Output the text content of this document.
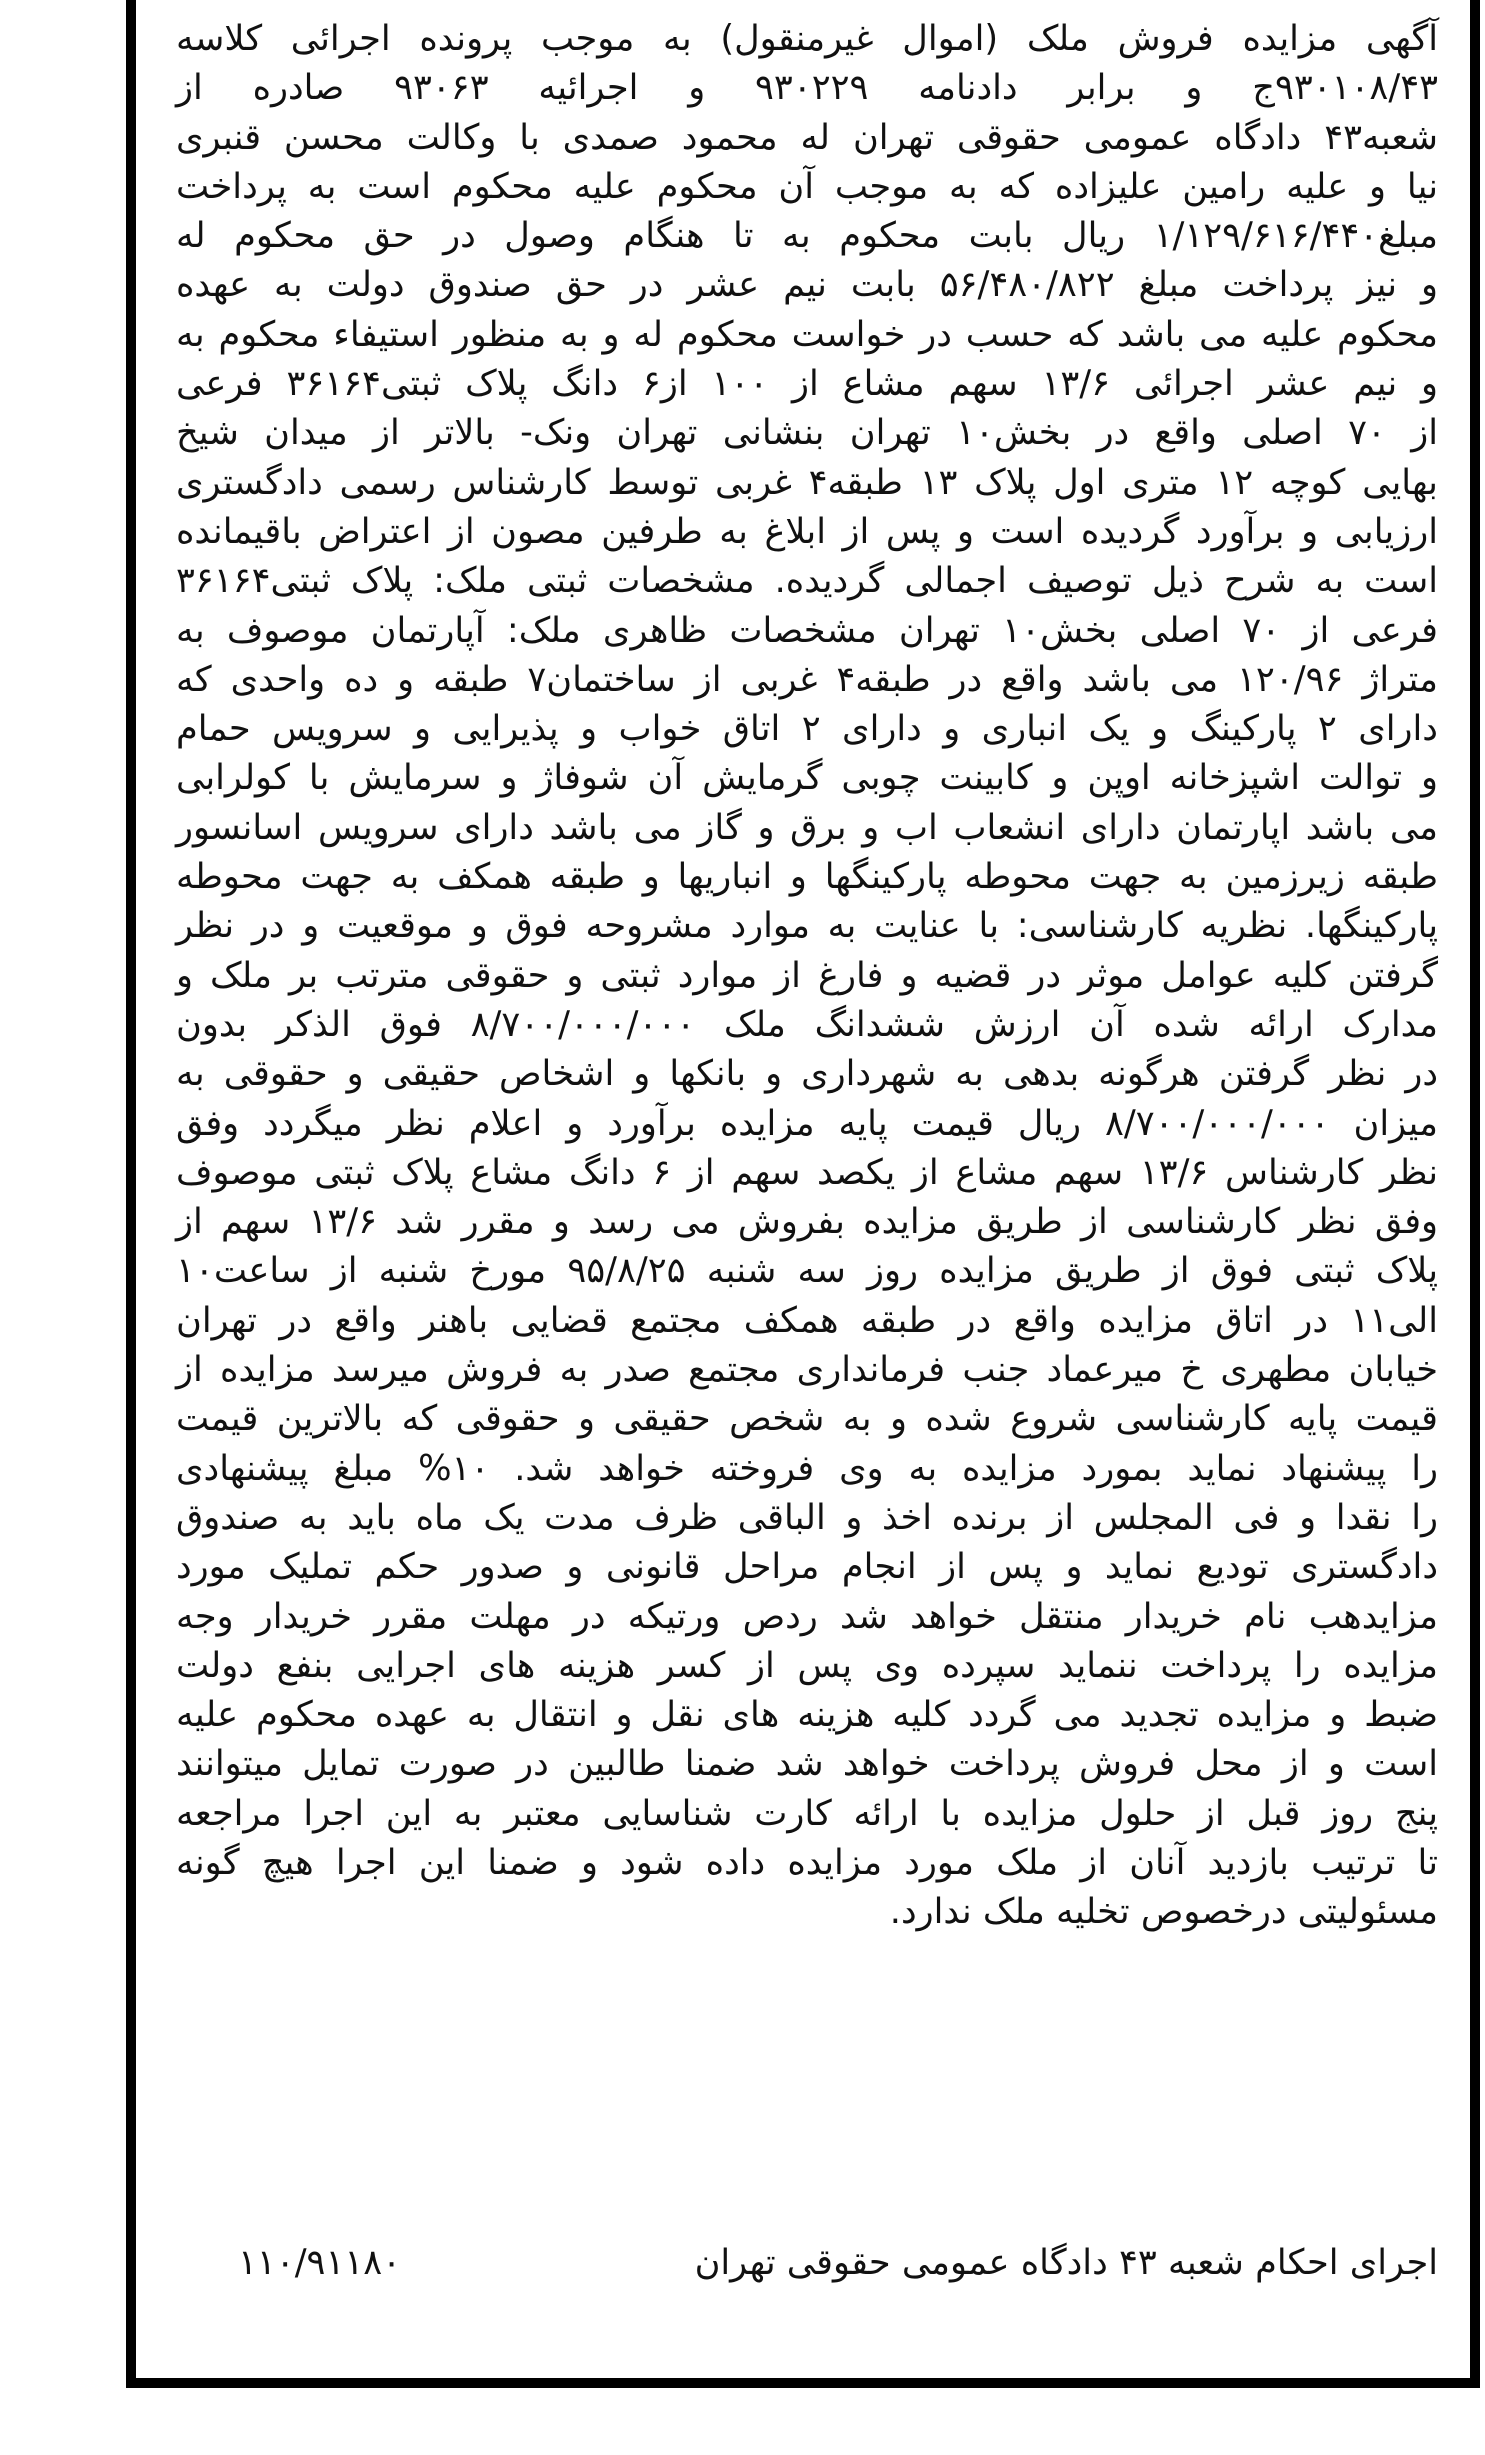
آگهی مزایده فروش ملک (اموال غیرمنقول) به موجب پرونده اجرائی کلاسه
۹۳۰۱۰۸/۴۳ج و برابر دادنامه ۹۳۰۲۲۹ و اجرائیه ۹۳۰۶۳ صادره از
شعبه۴۳ دادگاه عمومی حقوقی تهران له محمود صمدی با وکالت محسن قنبری
نیا و علیه رامین علیزاده که به موجب آن محکوم علیه محکوم است به پرداخت
مبلغ۱/۱۲۹/۶۱۶/۴۴۰ ریال بابت محکوم به تا هنگام وصول در حق محکوم له
و نیز پرداخت مبلغ ۵۶/۴۸۰/۸۲۲ بابت نیم عشر در حق صندوق دولت به عهده
محکوم علیه می باشد که حسب در خواست محکوم له و به منظور استیفاء محکوم به
و نیم عشر اجرائی ۱۳/۶ سهم مشاع از ۱۰۰ از۶ دانگ پلاک ثبتی۳۶۱۶۴ فرعی
از ۷۰ اصلی واقع در بخش۱۰ تهران بنشانی تهران ونک- بالاتر از میدان شیخ
بهایی کوچه ۱۲ متری اول پلاک ۱۳ طبقه۴ غربی توسط کارشناس رسمی دادگستری
ارزیابی و برآورد گردیده است و پس از ابلاغ به طرفین مصون از اعتراض باقیمانده
است به شرح ذیل توصیف اجمالی گردیده. مشخصات ثبتی ملک: پلاک ثبتی۳۶۱۶۴
فرعی از ۷۰ اصلی بخش۱۰ تهران مشخصات ظاهری ملک: آپارتمان موصوف به
متراژ ۱۲۰/۹۶ می باشد واقع در طبقه۴ غربی از ساختمان۷ طبقه و ده واحدی که
دارای ۲ پارکینگ و یک انباری و دارای ۲ اتاق خواب و پذیرایی و سرویس حمام
و توالت اشپزخانه اوپن و کابینت چوبی گرمایش آن شوفاژ و سرمایش با کولرابی
می باشد اپارتمان دارای انشعاب اب و برق و گاز می باشد دارای سرویس اسانسور
طبقه زیرزمین به جهت محوطه پارکینگها و انباریها و طبقه همکف به جهت محوطه
پارکینگها. نظریه کارشناسی: با عنایت به موارد مشروحه فوق و موقعیت و در نظر
گرفتن کلیه عوامل موثر در قضیه و فارغ از موارد ثبتی و حقوقی مترتب بر ملک و
مدارک ارائه شده آن ارزش ششدانگ ملک ۸/۷۰۰/۰۰۰/۰۰۰ فوق الذکر بدون
در نظر گرفتن هرگونه بدهی به شهرداری و بانکها و اشخاص حقیقی و حقوقی به
میزان ۸/۷۰۰/۰۰۰/۰۰۰ ریال قیمت پایه مزایده برآورد و اعلام نظر میگردد وفق
نظر کارشناس ۱۳/۶ سهم مشاع از یکصد سهم از ۶ دانگ مشاع پلاک ثبتی موصوف
وفق نظر کارشناسی از طریق مزایده بفروش می رسد و مقرر شد ۱۳/۶ سهم از
پلاک ثبتی فوق از طریق مزایده روز سه شنبه ۹۵/۸/۲۵ مورخ شنبه از ساعت۱۰
الی۱۱ در اتاق مزایده واقع در طبقه همکف مجتمع قضایی باهنر واقع در تهران
خیابان مطهری خ میرعماد جنب فرمانداری مجتمع صدر به فروش میرسد مزایده از
قیمت پایه کارشناسی شروع شده و به شخص حقیقی و حقوقی که بالاترین قیمت
را پیشنهاد نماید بمورد مزایده به وی فروخته خواهد شد. ۱۰% مبلغ پیشنهادی
را نقدا و فی المجلس از برنده اخذ و الباقی ظرف مدت یک ماه باید به صندوق
دادگستری تودیع نماید و پس از انجام مراحل قانونی و صدور حکم تملیک مورد
مزایدهب نام خریدار منتقل خواهد شد ردص ورتیکه در مهلت مقرر خریدار وجه
مزایده را پرداخت ننماید سپرده وی پس از کسر هزینه های اجرایی بنفع دولت
ضبط و مزایده تجدید می گردد کلیه هزینه های نقل و انتقال به عهده محکوم علیه
است و از محل فروش پرداخت خواهد شد ضمنا طالبین در صورت تمایل میتوانند
پنج روز قبل از حلول مزایده با ارائه کارت شناسایی معتبر به این اجرا مراجعه
تا ترتیب بازدید آنان از ملک مورد مزایده داده شود و ضمنا این اجرا هیچ گونه
مسئولیتی درخصوص تخلیه ملک ندارد.
اجرای احکام شعبه ۴۳ دادگاه عمومی حقوقی تهران
۱۱۰/۹۱۱۸۰
